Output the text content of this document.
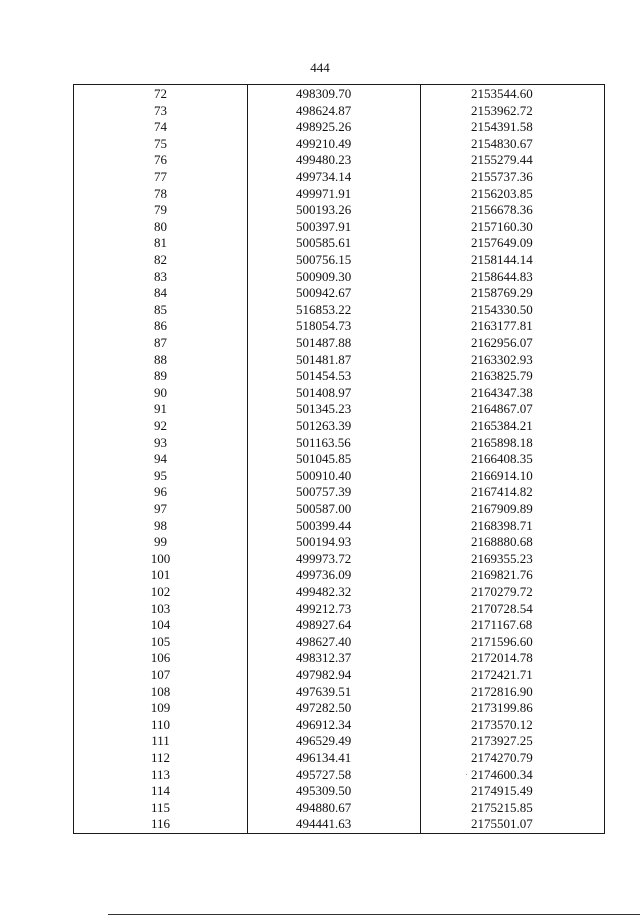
444
72	498309.70	2153544.60
73	498624.87	2153962.72
74	498925.26	2154391.58
75	499210.49	2154830.67
76	499480.23	2155279.44
77	499734.14	2155737.36
78	499971.91	2156203.85
79	500193.26	2156678.36
80	500397.91	2157160.30
81	500585.61	2157649.09
82	500756.15	2158144.14
83	500909.30	2158644.83
84	500942.67	2158769.29
85	516853.22	2154330.50
86	518054.73	2163177.81
87	501487.88	2162956.07
88	501481.87	2163302.93
89	501454.53	2163825.79
90	501408.97	2164347.38
91	501345.23	2164867.07
92	501263.39	2165384.21
93	501163.56	2165898.18
94	501045.85	2166408.35
95	500910.40	2166914.10
96	500757.39	2167414.82
97	500587.00	2167909.89
98	500399.44	2168398.71
99	500194.93	2168880.68
100	499973.72	2169355.23
101	499736.09	2169821.76
102	499482.32	2170279.72
103	499212.73	2170728.54
104	498927.64	2171167.68
105	498627.40	2171596.60
106	498312.37	2172014.78
107	497982.94	2172421.71
108	497639.51	2172816.90
109	497282.50	2173199.86
110	496912.34	2173570.12
111	496529.49	2173927.25
112	496134.41	2174270.79
113	495727.58	2174600.34
114	495309.50	2174915.49
115	494880.67	2175215.85
116	494441.63	2175501.07
